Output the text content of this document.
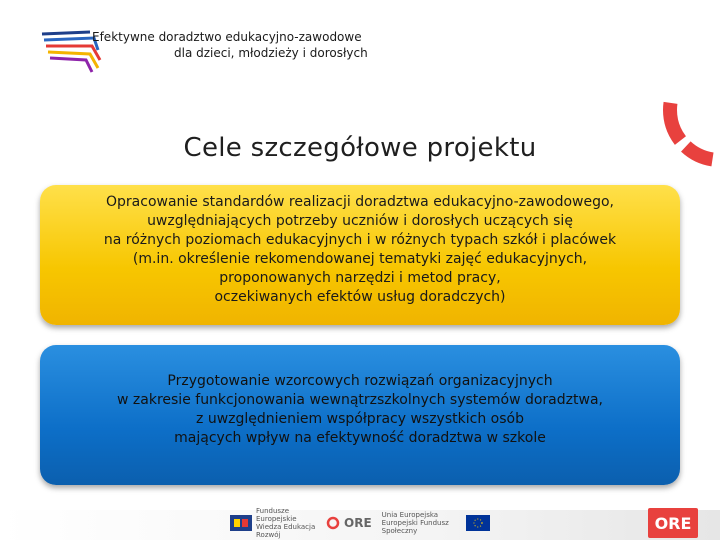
Efektywne doradztwo edukacyjno-zawodowe
dla dzieci, młodzieży i dorosłych
Cele szczegółowe projektu
Opracowanie standardów realizacji doradztwa edukacyjno-zawodowego,
uwzględniających potrzeby uczniów i dorosłych uczących się
na różnych poziomach edukacyjnych i w różnych typach szkół i placówek
(m.in. określenie rekomendowanej tematyki zajęć edukacyjnych,
proponowanych narzędzi i metod pracy,
oczekiwanych efektów usług doradczych)
Przygotowanie wzorcowych rozwiązań organizacyjnych
w zakresie funkcjonowania wewnątrzszkolnych systemów doradztwa,
z uwzględnieniem współpracy wszystkich osób
mających wpływ na efektywność doradztwa w szkole
Fundusze Europejskie Wiedza Edukacja Rozwój
ORE
Unia Europejska Europejski Fundusz Społeczny	ORE
